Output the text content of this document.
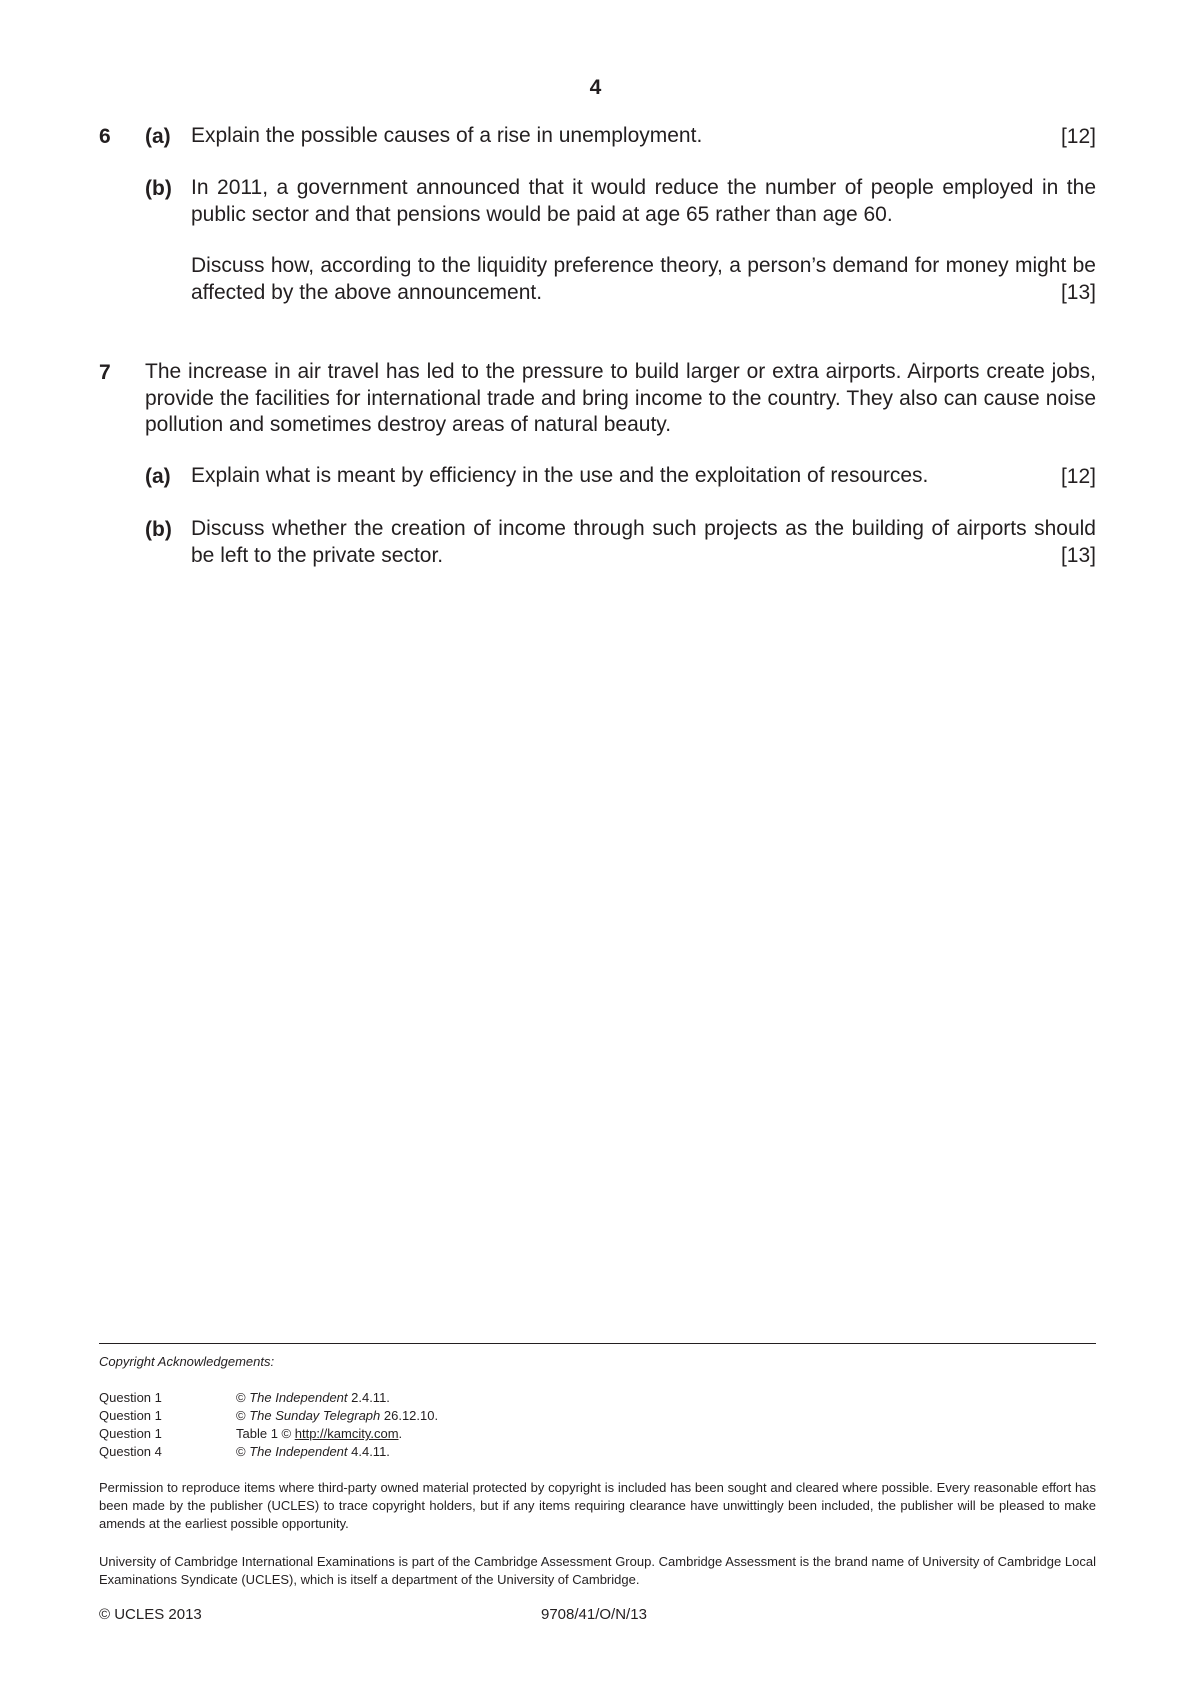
4
6 (a) Explain the possible causes of a rise in unemployment.	[12]
(b) In 2011, a government announced that it would reduce the number of people employed in the public sector and that pensions would be paid at age 65 rather than age 60.
Discuss how, according to the liquidity preference theory, a person’s demand for money might be affected by the above announcement.	[13]
7 The increase in air travel has led to the pressure to build larger or extra airports. Airports create jobs, provide the facilities for international trade and bring income to the country. They also can cause noise pollution and sometimes destroy areas of natural beauty.
(a) Explain what is meant by efficiency in the use and the exploitation of resources.	[12]
(b) Discuss whether the creation of income through such projects as the building of airports should be left to the private sector.	[13]
Copyright Acknowledgements:
Question 1	© The Independent 2.4.11.
Question 1	© The Sunday Telegraph 26.12.10.
Question 1	Table 1 © http://kamcity.com.
Question 4	© The Independent 4.4.11.
Permission to reproduce items where third-party owned material protected by copyright is included has been sought and cleared where possible. Every reasonable effort has been made by the publisher (UCLES) to trace copyright holders, but if any items requiring clearance have unwittingly been included, the publisher will be pleased to make amends at the earliest possible opportunity.
University of Cambridge International Examinations is part of the Cambridge Assessment Group. Cambridge Assessment is the brand name of University of Cambridge Local Examinations Syndicate (UCLES), which is itself a department of the University of Cambridge.
© UCLES 2013	9708/41/O/N/13
